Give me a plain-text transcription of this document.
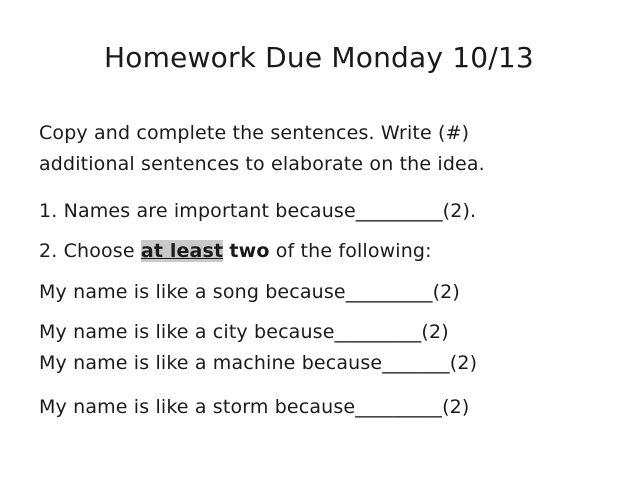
Homework Due Monday 10/13
Copy and complete the sentences. Write (#)
additional sentences to elaborate on the idea.
1. Names are important because_________(2).
2. Choose at least two of the following:
My name is like a song because_________(2)
My name is like a city because_________(2)
My name is like a machine because_______(2)
My name is like a storm because_________(2)
